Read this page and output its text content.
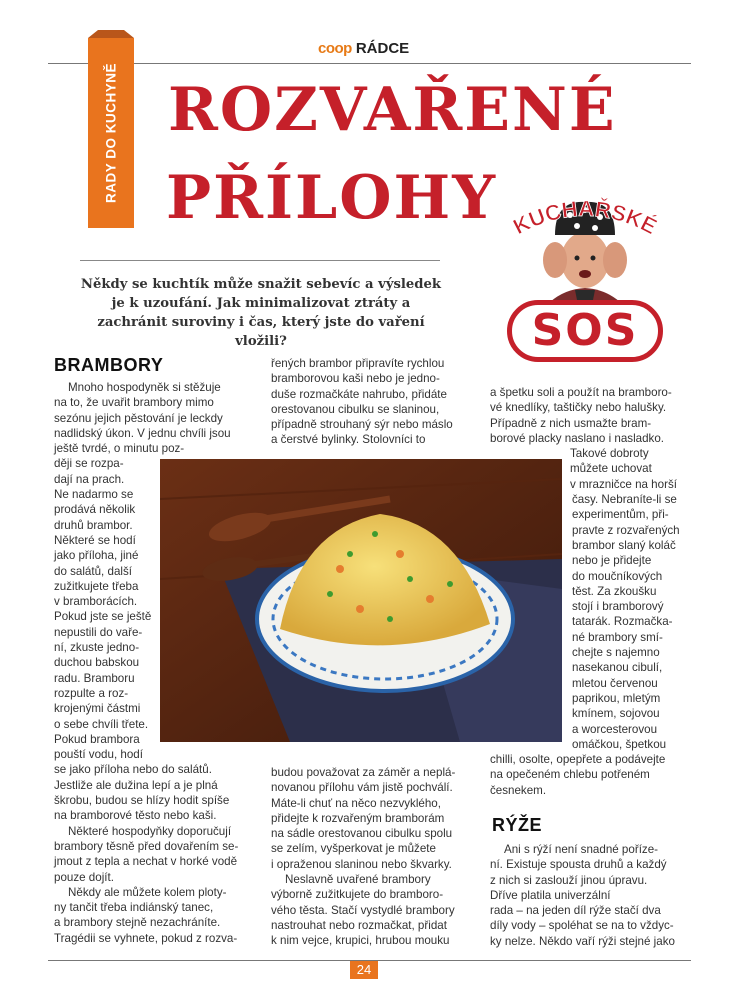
coop RÁDCE
RADY DO KUCHYNĚ ROZVAŘENÉ
PŘÍLOHY KUCHAŘSKÉ
SOS
Někdy se kuchtík může snažit sebevíc a výsledek je k uzoufání. Jak minimalizovat ztráty a zachránit suroviny i čas, který jste do vaření vložili?
BRAMBORY
Mnoho hospodyněk si stěžuje
na to, že uvařit brambory mimo
sezónu jejich pěstování je leckdy
nadlidský úkon. V jednu chvíli jsou
ještě tvrdé, o minutu poz-
ději se rozpa-
dají na prach.
Ne nadarmo se
prodává několik
druhů brambor.
Některé se hodí
jako příloha, jiné
do salátů, další
zužitkujete třeba
v bramborácích.
Pokud jste se ještě
nepustili do vaře-
ní, zkuste jedno-
duchou babskou
radu. Bramboru
rozpulte a roz-
krojenými částmi
o sebe chvíli třete.
Pokud brambora
pouští vodu, hodí
se jako příloha nebo do salátů.
Jestliže ale dužina lepí a je plná
škrobu, budou se hlízy hodit spíše
na bramborové těsto nebo kaši.
Některé hospodyňky doporučují
brambory těsně před dovařením se-
jmout z tepla a nechat v horké vodě
pouze dojít.
Někdy ale můžete kolem ploty-
ny tančit třeba indiánský tanec,
a brambory stejně nezachráníte.
Tragédii se vyhnete, pokud z rozva-
řených brambor připravíte rychlou
bramborovou kaši nebo je jedno-
duše rozmačkáte nahrubo, přidáte
orestovanou cibulku se slaninou,
případně strouhaný sýr nebo máslo
a čerstvé bylinky. Stolovníci to
budou považovat za záměr a neplá-
novanou přílohu vám jistě pochválí.
Máte-li chuť na něco nezvyklého,
přidejte k rozvařeným bramborám
na sádle orestovanou cibulku spolu
se zelím, vyšperkovat je můžete
i opraženou slaninou nebo škvarky.
Neslavně uvařené brambory
výborně zužitkujete do bramboro-
vého těsta. Stačí vystydlé brambory
nastrouhat nebo rozmačkat, přidat
k nim vejce, krupici, hrubou mouku
a špetku soli a použít na bramboro-
vé knedlíky, taštičky nebo halušky.
Případně z nich usmažte bram-
borové placky naslano i nasladko.
Takové dobroty
můžete uchovat
v mrazničce na horší
časy. Nebraníte-li se
experimentům, při-
pravte z rozvařených
brambor slaný koláč
nebo je přidejte
do moučníkových
těst. Za zkoušku
stojí i bramborový
tatarák. Rozmačka-
né brambory smí-
chejte s najemno
nasekanou cibulí,
mletou červenou
paprikou, mletým
kmínem, sojovou
a worcesterovou
omáčkou, špetkou
chilli, osolte, opepřete a podávejte
na opečeném chlebu potřeném
česnekem.
RÝŽE
Ani s rýží není snadné poříze-
ní. Existuje spousta druhů a každý
z nich si zaslouží jinou úpravu.
Dříve platila univerzální
rada – na jeden díl rýže stačí dva
díly vody – spoléhat se na to vždyc-
ky nelze. Někdo vaří rýži stejné jako
24
